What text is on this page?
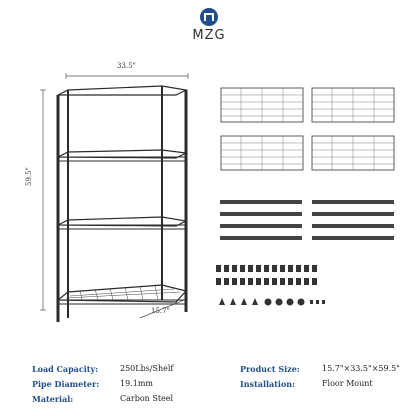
MZG
33.5"
59.5"
15.7"
Load Capacity:	250Lbs/Shelf
Pipe Diameter:	19.1mm
Material:	Carbon Steel
Product Size:	15.7"×33.5"×59.5"
Installation:	Floor Mount
